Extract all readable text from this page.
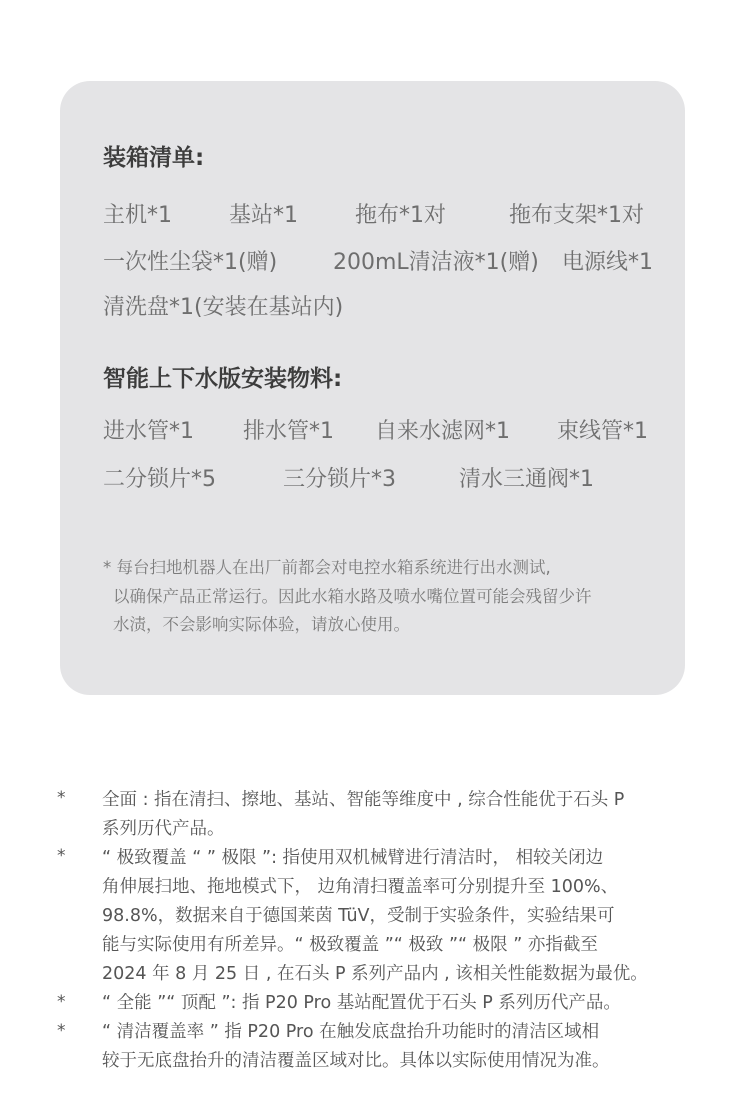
装箱清单:
主机*1	基站*1	拖布*1对	拖布支架*1对
一次性尘袋*1(赠)	200mL清洁液*1(赠) 电源线*1
清洗盘*1(安装在基站内)
智能上下水版安装物料:
进水管*1 排水管*1 自来水滤网*1 束线管*1
二分锁片*5	三分锁片*3	清水三通阀*1
* 每台扫地机器人在出厂前都会对电控水箱系统进行出水测试,
以确保产品正常运行。因此水箱水路及喷水嘴位置可能会残留少许
水渍，不会影响实际体验，请放心使用。
*
*
*
*
全面 : 指在清扫、擦地、基站、智能等维度中 , 综合性能优于石头 P
系列历代产品。
“ 极致覆盖 “ ” 极限 ”: 指使用双机械臂进行清洁时， 相较关闭边
角伸展扫地、拖地模式下， 边角清扫覆盖率可分别提升至 100%、
98.8%，数据来自于德国莱茵 TüV，受制于实验条件，实验结果可
能与实际使用有所差异。“ 极致覆盖 ”“ 极致 ”“ 极限 ” 亦指截至
2024 年 8 月 25 日 , 在石头 P 系列产品内 , 该相关性能数据为最优。
“ 全能 ”“ 顶配 ”: 指 P20 Pro 基站配置优于石头 P 系列历代产品。
“ 清洁覆盖率 ” 指 P20 Pro 在触发底盘抬升功能时的清洁区域相
较于无底盘抬升的清洁覆盖区域对比。具体以实际使用情况为准。
